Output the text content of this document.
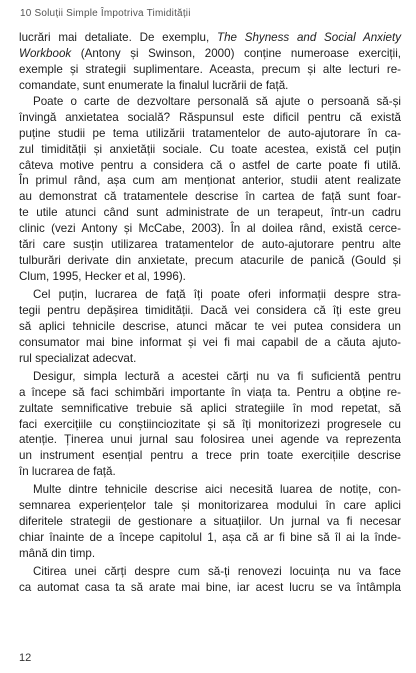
10 Soluții Simple Împotriva Timidității
lucrări mai detaliate. De exemplu, The Shyness and Social Anxiety
Workbook (Antony și Swinson, 2000) conține numeroase exerciții,
exemple și strategii suplimentare. Aceasta, precum și alte lecturi re-
comandate, sunt enumerate la finalul lucrării de față.
Poate o carte de dezvoltare personală să ajute o persoană să-și
învingă anxietatea socială? Răspunsul este dificil pentru că există
puține studii pe tema utilizării tratamentelor de auto-ajutorare în ca-
zul timidității și anxietății sociale. Cu toate acestea, există cel puțin
câteva motive pentru a considera că o astfel de carte poate fi utilă.
În primul rând, așa cum am menționat anterior, studii atent realizate
au demonstrat că tratamentele descrise în cartea de față sunt foar-
te utile atunci când sunt administrate de un terapeut, într-un cadru
clinic (vezi Antony și McCabe, 2003). În al doilea rând, există cercе-
tări care susțin utilizarea tratamentelor de auto-ajutorare pentru alte
tulburări derivate din anxietate, precum atacurile de panică (Gould și
Clum, 1995, Hecker et al, 1996).
Cel puțin, lucrarea de față îți poate oferi informații despre stra-
tegii pentru depășirea timidității. Dacă vei considera că îți este greu
să aplici tehnicile descrise, atunci măcar te vei putea considera un
consumator mai bine informat și vei fi mai capabil de a căuta ajuto-
rul specializat adecvat.
Desigur, simpla lectură a acestei cărți nu va fi suficientă pentru
a începe să faci schimbări importante în viața ta. Pentru a obține re-
zultate semnificative trebuie să aplici strategiile în mod repetat, să
faci exercițiile cu conștiinciozitate și să îți monitorizezi progresele cu
atenție. Ținerea unui jurnal sau folosirea unei agende va reprezenta
un instrument esențial pentru a trece prin toate exercițiile descrise
în lucrarea de față.
Multe dintre tehnicile descrise aici necesită luarea de notițe, con-
semnarea experiențelor tale și monitorizarea modului în care aplici
diferitele strategii de gestionare a situațiilor. Un jurnal va fi necesar
chiar înainte de a începe capitolul 1, așa că ar fi bine să îl ai la înde-
mână din timp.
Citirea unei cărți despre cum să-ți renovezi locuința nu va face
ca automat casa ta să arate mai bine, iar acest lucru se va întâmpla
12
